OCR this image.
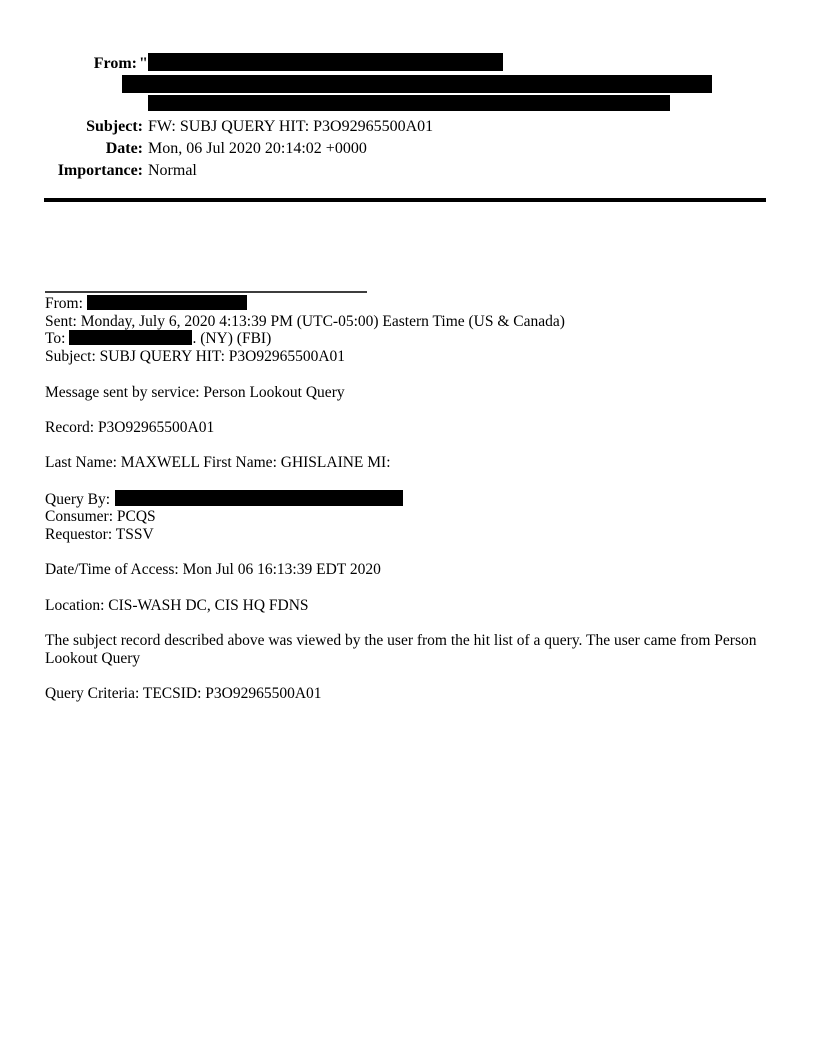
From: "
Subject: FW: SUBJ QUERY HIT: P3O92965500A01
Date: Mon, 06 Jul 2020 20:14:02 +0000
Importance: Normal
From:
Sent: Monday, July 6, 2020 4:13:39 PM (UTC-05:00) Eastern Time (US & Canada)
To:	. (NY) (FBI)
Subject: SUBJ QUERY HIT: P3O92965500A01
Message sent by service: Person Lookout Query
Record: P3O92965500A01
Last Name: MAXWELL First Name: GHISLAINE MI:
Query By:
Consumer: PCQS
Requestor: TSSV
Date/Time of Access: Mon Jul 06 16:13:39 EDT 2020
Location: CIS-WASH DC, CIS HQ FDNS
The subject record described above was viewed by the user from the hit list of a query. The user came from Person Lookout Query
Query Criteria: TECSID: P3O92965500A01
